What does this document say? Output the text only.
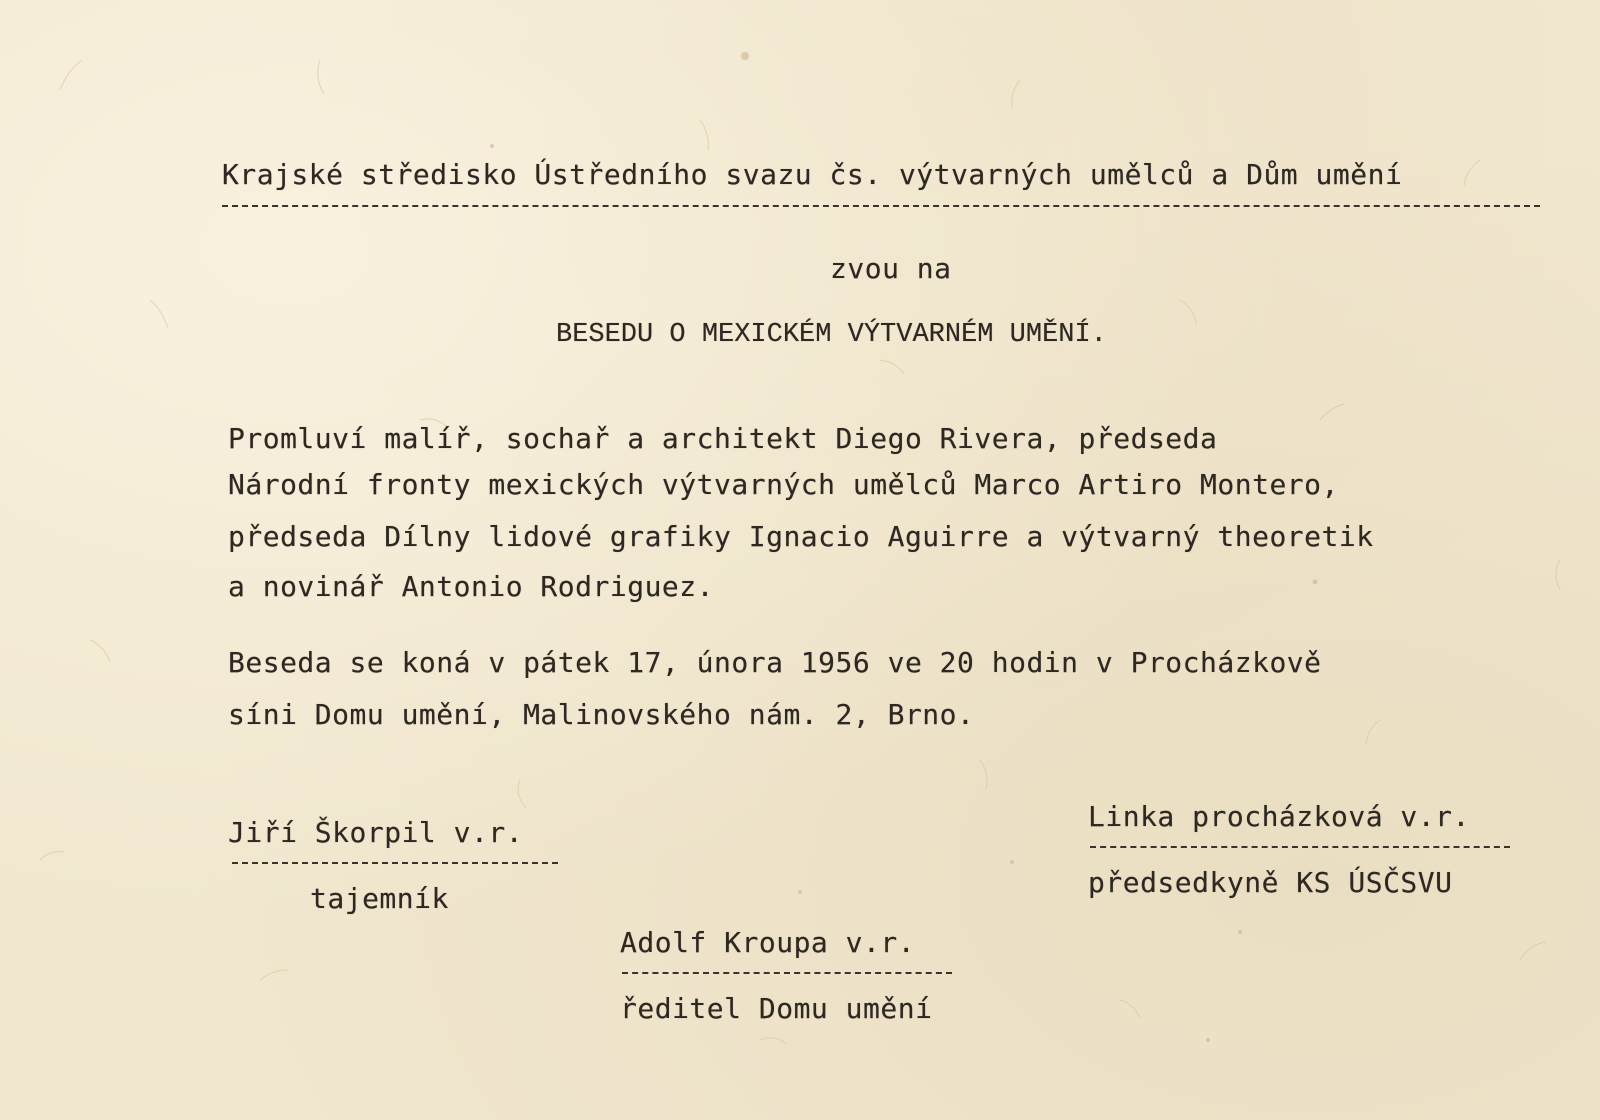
Krajské středisko Ústředního svazu čs. výtvarných umělců a Dům umění
zvou na
BESEDU O MEXICKÉM VÝTVARNÉM UMĚNÍ.
Promluví malíř, sochař a architekt Diego Rivera, předseda
Národní fronty mexických výtvarných umělců Marco Artiro Montero,
předseda Dílny lidové grafiky Ignacio Aguirre a výtvarný theoretik
a novinář Antonio Rodriguez.
Beseda se koná v pátek 17, února 1956 ve 20 hodin v Procházkově
síni Domu umění, Malinovského nám. 2, Brno.
Jiří Škorpil v.r.
tajemník
Linka procházková v.r.
předsedkyně KS ÚSČSVU
Adolf Kroupa v.r.
ředitel Domu umění
